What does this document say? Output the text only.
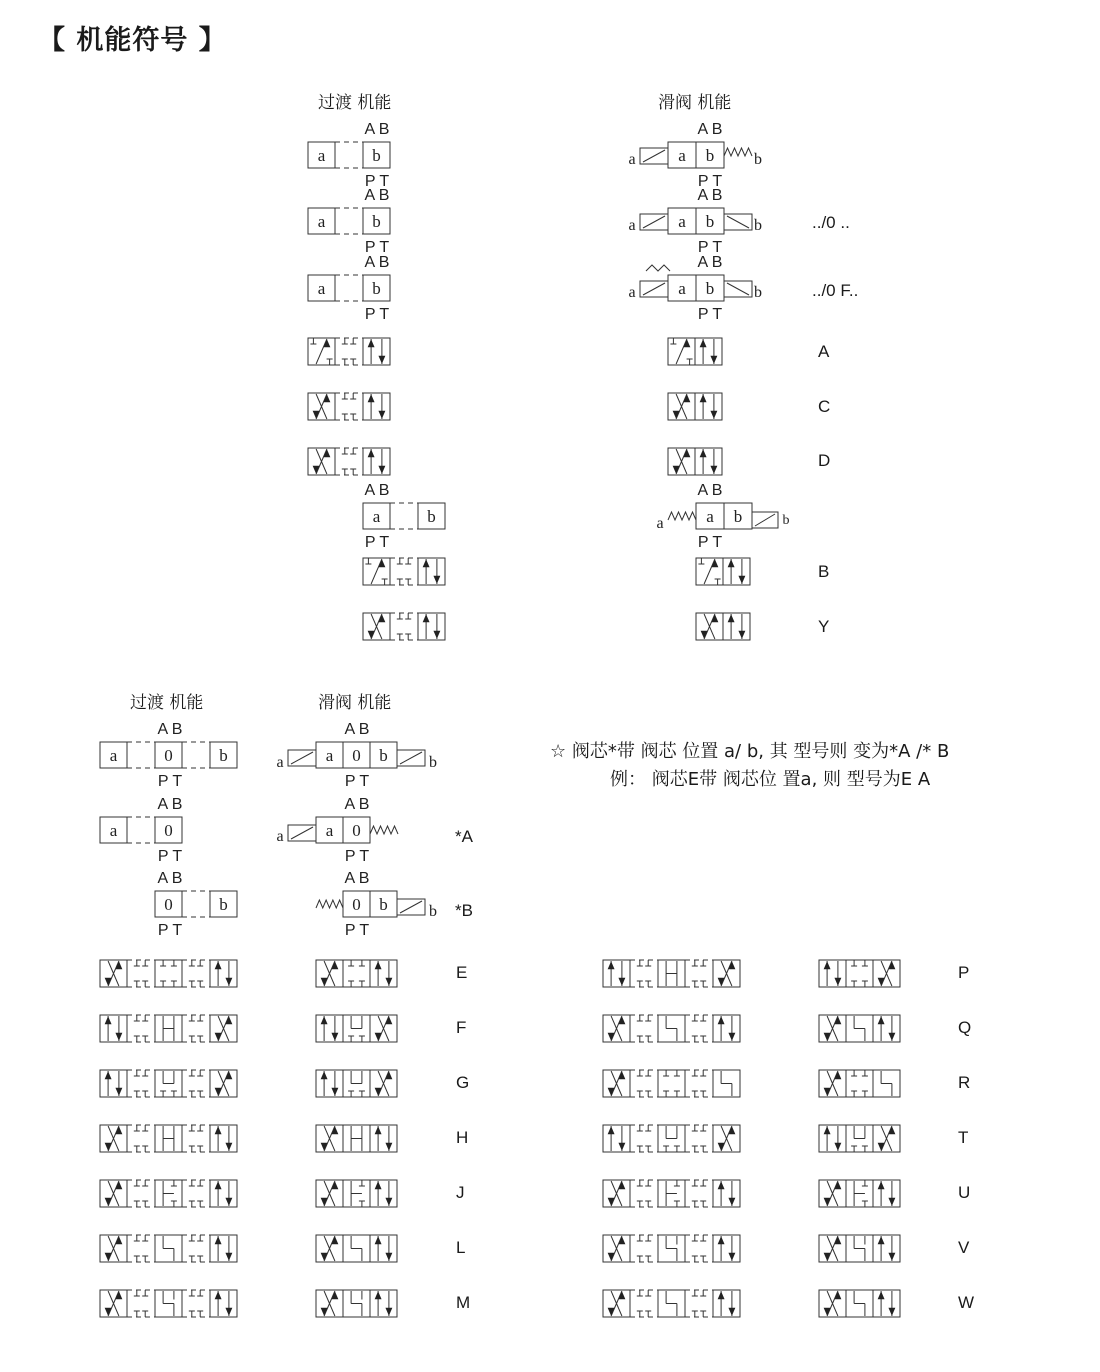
【 机能符号 】
过渡 机能	滑阀 机能
../0 ..
../0 F..
A
C
D
B
Y
过渡 机能	滑阀 机能
☆ 阀芯*带 阀芯 位置 a/ b, 其 型号则 变为*A /* B
例： 阀芯E带 阀芯位 置a, 则 型号为E A
*A
*B
E
F
G
H
J
L
M
P
Q
R
T
U
V
W
a	b
A B
P T
a	b
A B
P T
a	b
A B
P T
a b
A B
P T
a	b
a b
A B
P T
a	b
a b
A B
P T
a	b
a	b
A B
P T
a b
A B
P T
a	b
a	0	b
A B
P T
a	0
A B
P T
0	b
A B
P T
a 0 b
A B
P T
a	b
a 0
A B
P T
a
0 b
A B
P T
b
